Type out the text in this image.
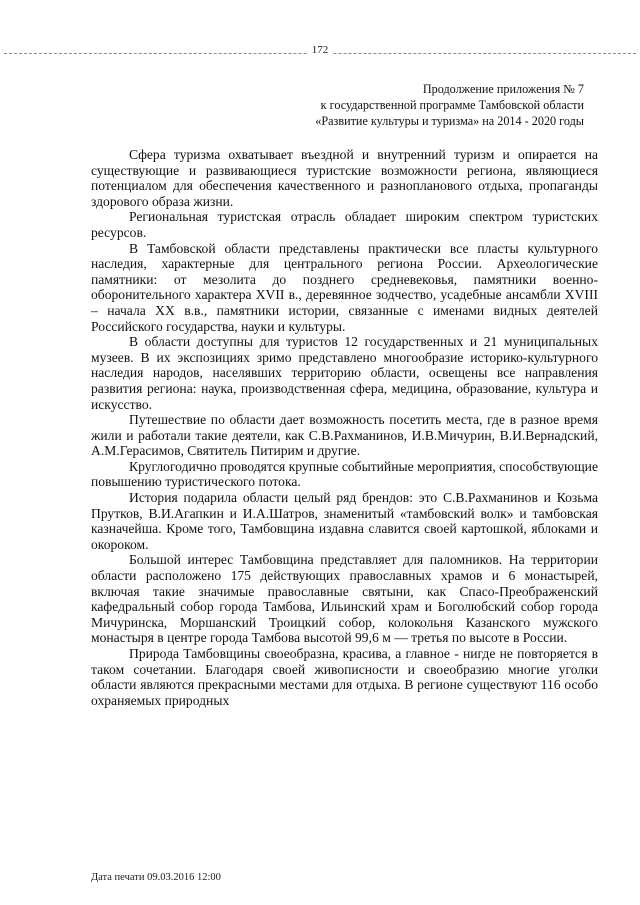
172
Продолжение приложения № 7
к государственной программе Тамбовской области
«Развитие культуры и туризма» на 2014 - 2020 годы

Сфера туризма охватывает въездной и внутренний туризм и опирается на существующие и развивающиеся туристские возможности региона, являющиеся потенциалом для обеспечения качественного и разнопланового отдыха, пропаганды здорового образа жизни.

Региональная туристская отрасль обладает широким спектром туристских ресурсов.

В Тамбовской области представлены практически все пласты культурного наследия, характерные для центрального региона России. Археологические памятники: от мезолита до позднего средневековья, памятники военно-оборонительного характера XVII в., деревянное зодчество, усадебные ансамбли XVIII – начала XX в.в., памятники истории, связанные с именами видных деятелей Российского государства, науки и культуры.

В области доступны для туристов 12 государственных и 21 муниципальных музеев. В их экспозициях зримо представлено многообразие историко-культурного наследия народов, населявших территорию области, освещены все направления развития региона: наука, производственная сфера, медицина, образование, культура и искусство.

Путешествие по области дает возможность посетить места, где в разное время жили и работали такие деятели, как С.В.Рахманинов, И.В.Мичурин, В.И.Вернадский, А.М.Герасимов, Святитель Питирим и другие.

Круглогодично проводятся крупные событийные мероприятия, способствующие повышению туристического потока.

История подарила области целый ряд брендов: это С.В.Рахманинов и Козьма Прутков, В.И.Агапкин и И.А.Шатров, знаменитый «тамбовский волк» и тамбовская казначейша. Кроме того, Тамбовщина издавна славится своей картошкой, яблоками и окороком.

Большой интерес Тамбовщина представляет для паломников. На территории области расположено 175 действующих православных храмов и 6 монастырей, включая такие значимые православные святыни, как Спасо-Преображенский кафедральный собор города Тамбова, Ильинский храм и Боголюбский собор города Мичуринска, Моршанский Троицкий собор, колокольня Казанского мужского монастыря в центре города Тамбова высотой 99,6 м — третья по высоте в России.

Природа Тамбовщины своеобразна, красива, а главное - нигде не повторяется в таком сочетании. Благодаря своей живописности и своеобразию многие уголки области являются прекрасными местами для отдыха. В регионе существуют 116 особо охраняемых природных

Дата печати 09.03.2016 12:00
